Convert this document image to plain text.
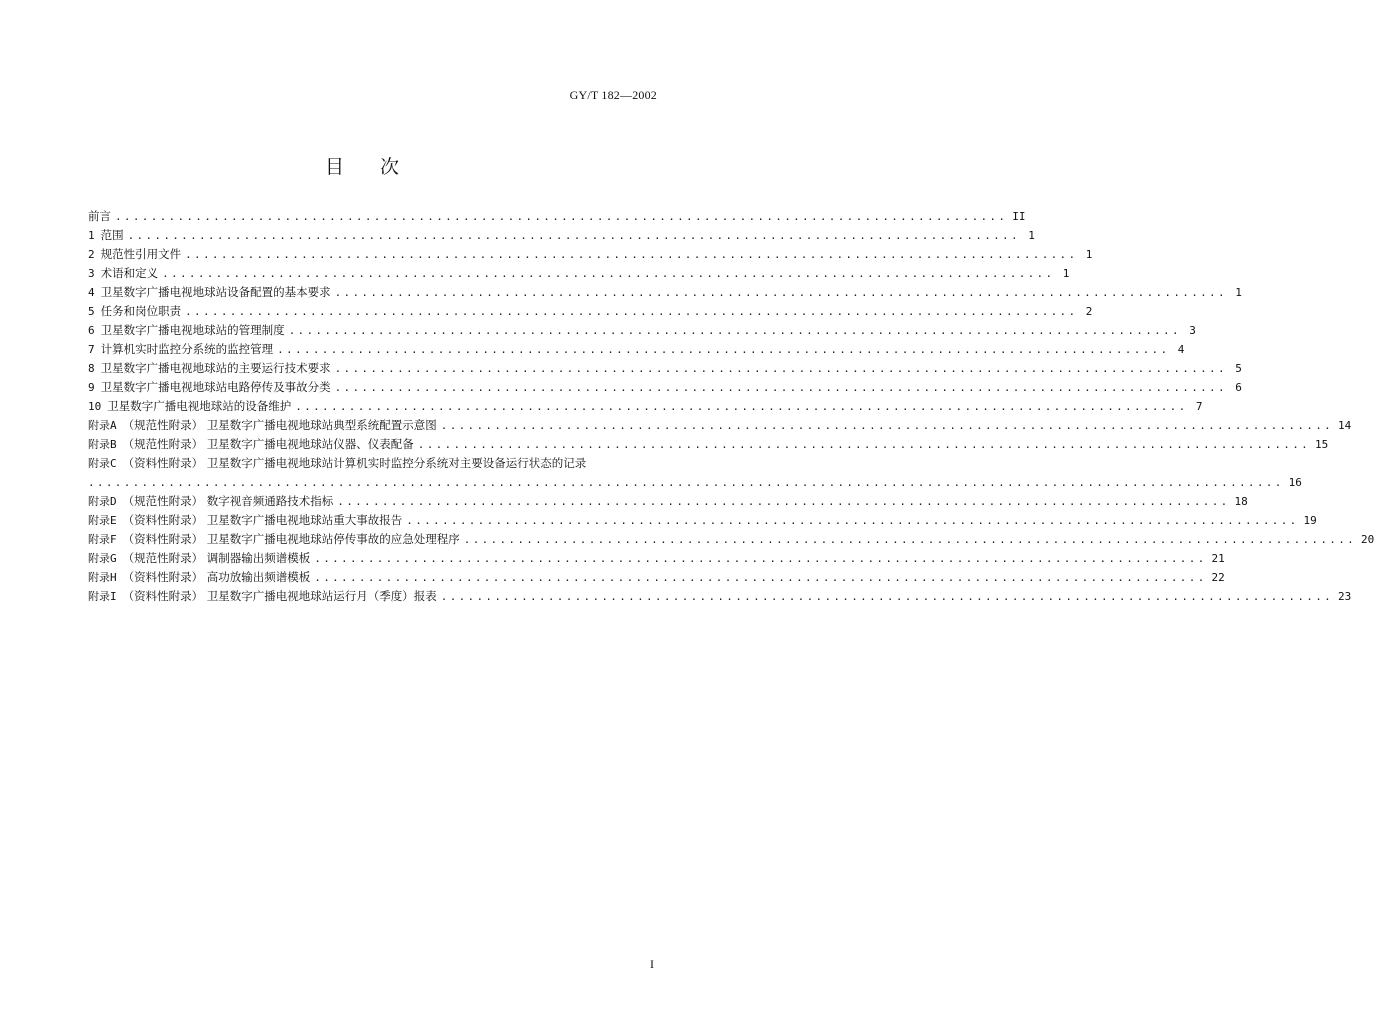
GY/T 182—2002
目次
前言 .................................................................................................... II
1 范围 .................................................................................................... 1
2 规范性引用文件 .................................................................................................... 1
3 术语和定义 .................................................................................................... 1
4 卫星数字广播电视地球站设备配置的基本要求 .................................................................................................... 1
5 任务和岗位职责 .................................................................................................... 2
6 卫星数字广播电视地球站的管理制度 .................................................................................................... 3
7 计算机实时监控分系统的监控管理 .................................................................................................... 4
8 卫星数字广播电视地球站的主要运行技术要求 .................................................................................................... 5
9 卫星数字广播电视地球站电路停传及事故分类 .................................................................................................... 6
10 卫星数字广播电视地球站的设备维护 .................................................................................................... 7
附录A （规范性附录） 卫星数字广播电视地球站典型系统配置示意图 .................................................................................................... 14
附录B （规范性附录） 卫星数字广播电视地球站仪器、仪表配备 .................................................................................................... 15
附录C （资料性附录） 卫星数字广播电视地球站计算机实时监控分系统对主要设备运行状态的记录
...................................................................................................................................... 16
附录D （规范性附录） 数字视音频通路技术指标 .................................................................................................... 18
附录E （资料性附录） 卫星数字广播电视地球站重大事故报告 .................................................................................................... 19
附录F （资料性附录） 卫星数字广播电视地球站停传事故的应急处理程序 .................................................................................................... 20
附录G （规范性附录） 调制器输出频谱模板 .................................................................................................... 21
附录H （资料性附录） 高功放输出频谱模板 .................................................................................................... 22
附录I （资料性附录） 卫星数字广播电视地球站运行月（季度）报表 .................................................................................................... 23
I
